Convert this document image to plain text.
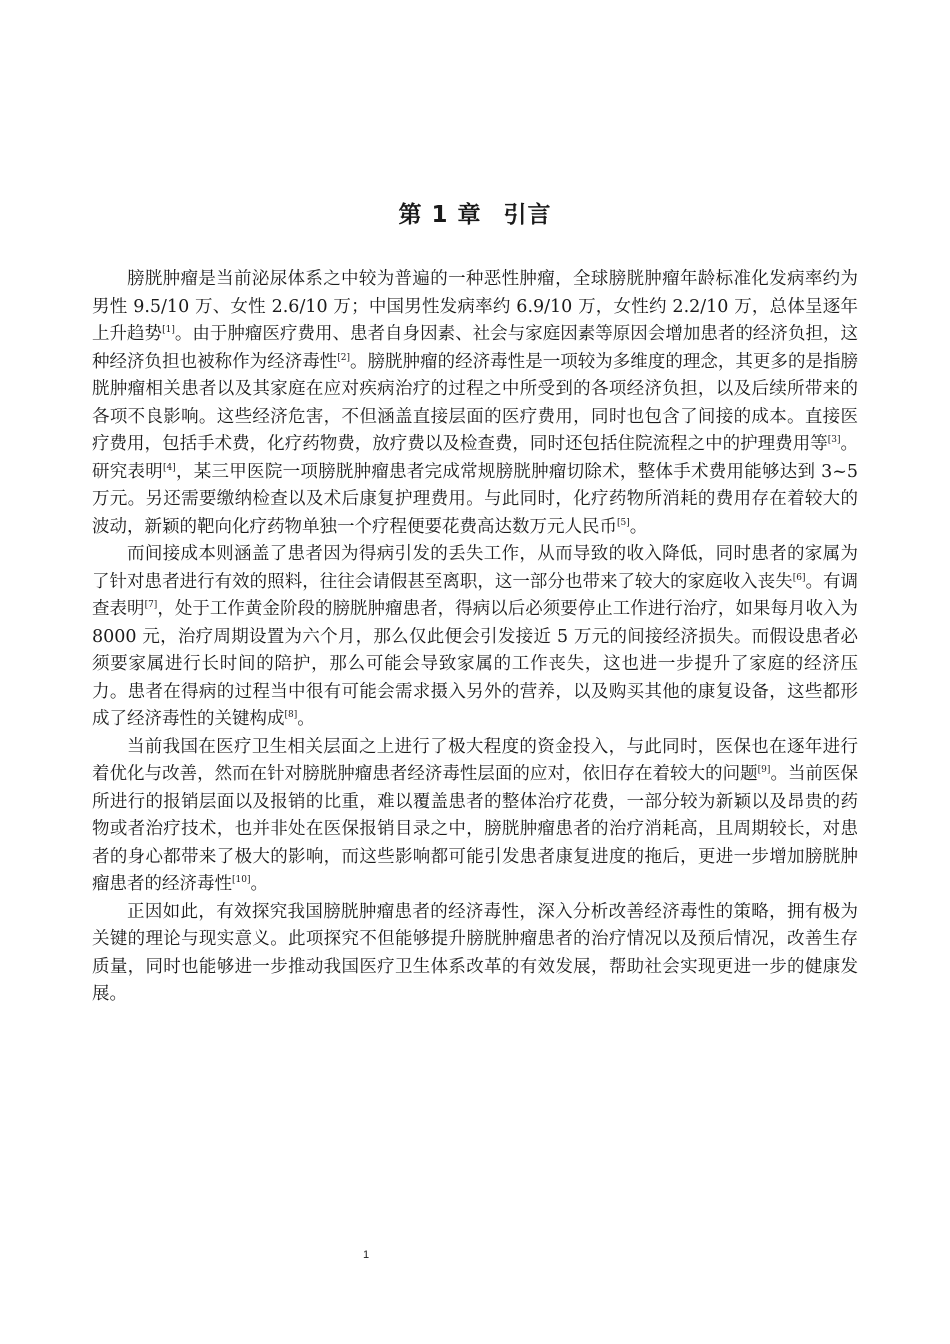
第 1 章 引言

膀胱肿瘤是当前泌尿体系之中较为普遍的一种恶性肿瘤，全球膀胱肿瘤年龄标准化发病率约为男性 9.5/10 万、女性 2.6/10 万；中国男性发病率约 6.9/10 万，女性约 2.2/10 万，总体呈逐年上升趋势[1]。由于肿瘤医疗费用、患者自身因素、社会与家庭因素等原因会增加患者的经济负担，这种经济负担也被称作为经济毒性[2]。膀胱肿瘤的经济毒性是一项较为多维度的理念，其更多的是指膀胱肿瘤相关患者以及其家庭在应对疾病治疗的过程之中所受到的各项经济负担，以及后续所带来的各项不良影响。这些经济危害，不但涵盖直接层面的医疗费用，同时也包含了间接的成本。直接医疗费用，包括手术费，化疗药物费，放疗费以及检查费，同时还包括住院流程之中的护理费用等[3]。研究表明[4]，某三甲医院一项膀胱肿瘤患者完成常规膀胱肿瘤切除术，整体手术费用能够达到 3~5 万元。另还需要缴纳检查以及术后康复护理费用。与此同时，化疗药物所消耗的费用存在着较大的波动，新颖的靶向化疗药物单独一个疗程便要花费高达数万元人民币[5]。

而间接成本则涵盖了患者因为得病引发的丢失工作，从而导致的收入降低，同时患者的家属为了针对患者进行有效的照料，往往会请假甚至离职，这一部分也带来了较大的家庭收入丧失[6]。有调查表明[7]，处于工作黄金阶段的膀胱肿瘤患者，得病以后必须要停止工作进行治疗，如果每月收入为 8000 元，治疗周期设置为六个月，那么仅此便会引发接近 5 万元的间接经济损失。而假设患者必须要家属进行长时间的陪护，那么可能会导致家属的工作丧失，这也进一步提升了家庭的经济压力。患者在得病的过程当中很有可能会需求摄入另外的营养，以及购买其他的康复设备，这些都形成了经济毒性的关键构成[8]。

当前我国在医疗卫生相关层面之上进行了极大程度的资金投入，与此同时，医保也在逐年进行着优化与改善，然而在针对膀胱肿瘤患者经济毒性层面的应对，依旧存在着较大的问题[9]。当前医保所进行的报销层面以及报销的比重，难以覆盖患者的整体治疗花费，一部分较为新颖以及昂贵的药物或者治疗技术，也并非处在医保报销目录之中，膀胱肿瘤患者的治疗消耗高，且周期较长，对患者的身心都带来了极大的影响，而这些影响都可能引发患者康复进度的拖后，更进一步增加膀胱肿瘤患者的经济毒性[10]。

正因如此，有效探究我国膀胱肿瘤患者的经济毒性，深入分析改善经济毒性的策略，拥有极为关键的理论与现实意义。此项探究不但能够提升膀胱肿瘤患者的治疗情况以及预后情况，改善生存质量，同时也能够进一步推动我国医疗卫生体系改革的有效发展，帮助社会实现更进一步的健康发展。

1
